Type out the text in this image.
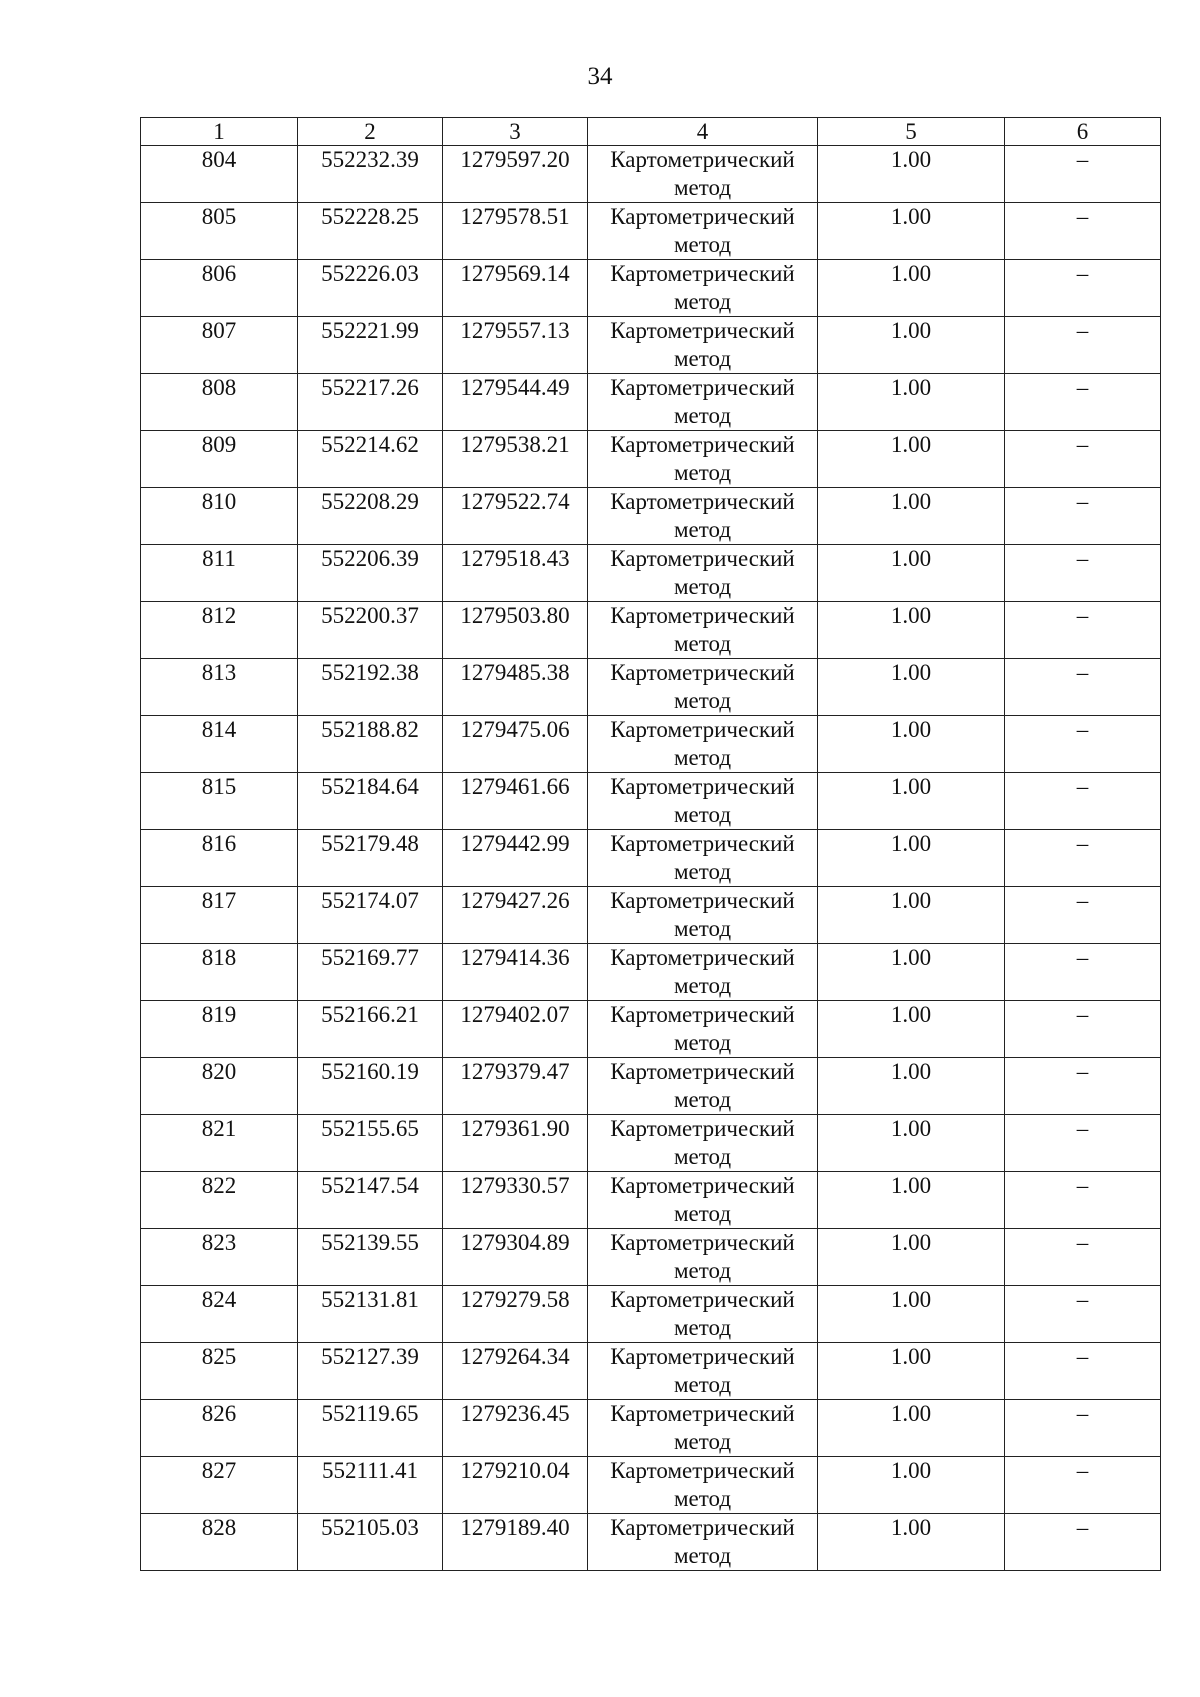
34
1	2	3	4	5	6
804	552232.39	1279597.20	Картометрический метод	1.00	–
805	552228.25	1279578.51	Картометрический метод	1.00	–
806	552226.03	1279569.14	Картометрический метод	1.00	–
807	552221.99	1279557.13	Картометрический метод	1.00	–
808	552217.26	1279544.49	Картометрический метод	1.00	–
809	552214.62	1279538.21	Картометрический метод	1.00	–
810	552208.29	1279522.74	Картометрический метод	1.00	–
811	552206.39	1279518.43	Картометрический метод	1.00	–
812	552200.37	1279503.80	Картометрический метод	1.00	–
813	552192.38	1279485.38	Картометрический метод	1.00	–
814	552188.82	1279475.06	Картометрический метод	1.00	–
815	552184.64	1279461.66	Картометрический метод	1.00	–
816	552179.48	1279442.99	Картометрический метод	1.00	–
817	552174.07	1279427.26	Картометрический метод	1.00	–
818	552169.77	1279414.36	Картометрический метод	1.00	–
819	552166.21	1279402.07	Картометрический метод	1.00	–
820	552160.19	1279379.47	Картометрический метод	1.00	–
821	552155.65	1279361.90	Картометрический метод	1.00	–
822	552147.54	1279330.57	Картометрический метод	1.00	–
823	552139.55	1279304.89	Картометрический метод	1.00	–
824	552131.81	1279279.58	Картометрический метод	1.00	–
825	552127.39	1279264.34	Картометрический метод	1.00	–
826	552119.65	1279236.45	Картометрический метод	1.00	–
827	552111.41	1279210.04	Картометрический метод	1.00	–
828	552105.03	1279189.40	Картометрический метод	1.00	–
